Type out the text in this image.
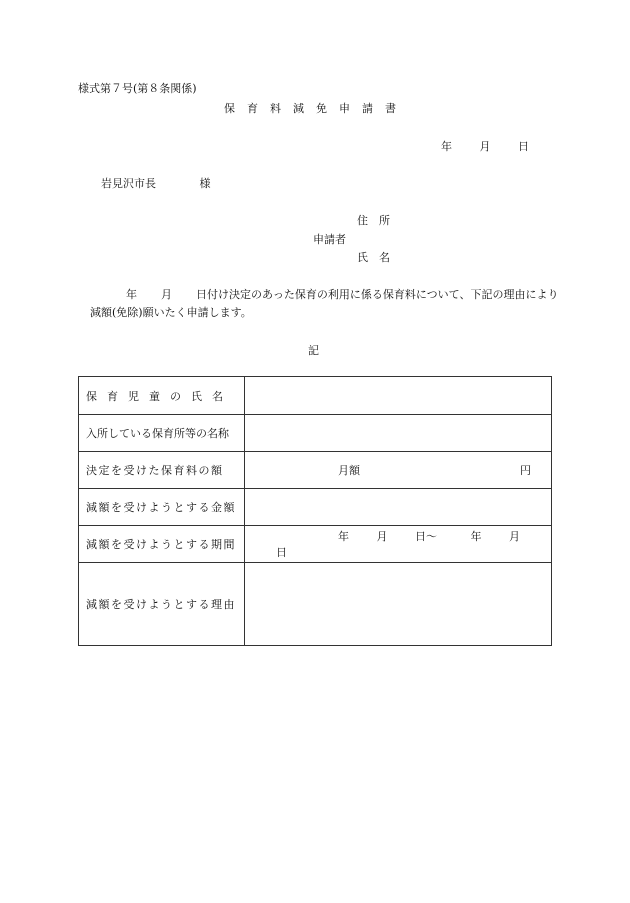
様式第７号(第８条関係)
保育料減免申請書
年	月	日
岩見沢市長	様
住　所
申請者
氏　名
年 月 日付け決定のあった保育の利用に係る保育料について、下記の理由により減額(免除)願いたく申請します。
記
保育児童の氏名	
入所している保育所等の名称	
決定を受けた保育料の額	月額 円

減額を受けようとする金額	
減額を受けようとする期間	年 月 日～ 年 月 日
減額を受けようとする理由	
